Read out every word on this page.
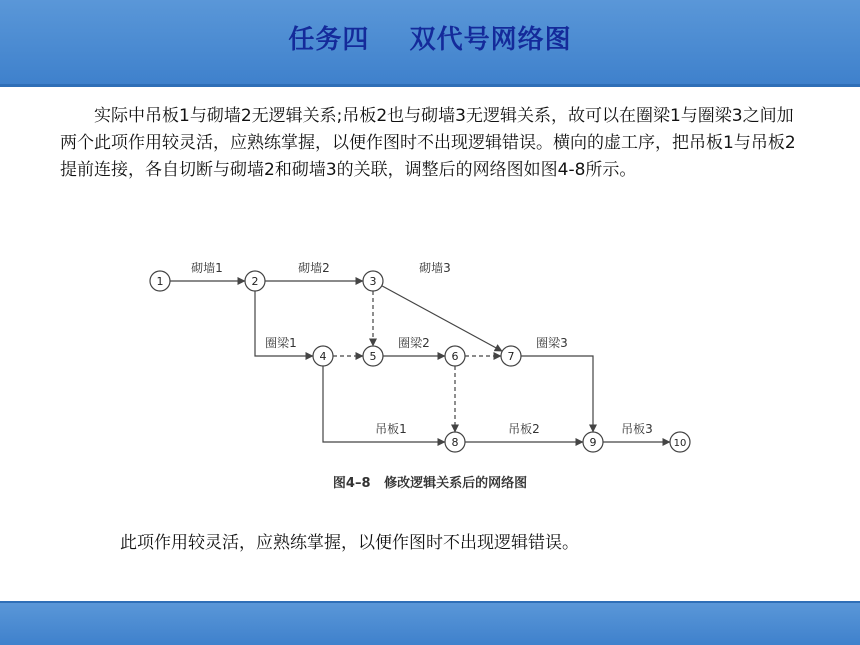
任务四    双代号网络图

实际中吊板1与砌墙2无逻辑关系;吊板2也与砌墙3无逻辑关系，故可以在圈梁1与圈梁3之间加两个此项作用较灵活，应熟练掌握，以便作图时不出现逻辑错误。横向的虚工序，把吊板1与吊板2提前连接，各自切断与砌墙2和砌墙3的关联，调整后的网络图如图4-8所示。

1	2	3
4	5	6	7
8	9	10
砌墙1	砌墙2	砌墙3
圈梁1	圈梁2	圈梁3
吊板1	吊板2	吊板3
图4–8   修改逻辑关系后的网络图
此项作用较灵活，应熟练掌握，以便作图时不出现逻辑错误。
